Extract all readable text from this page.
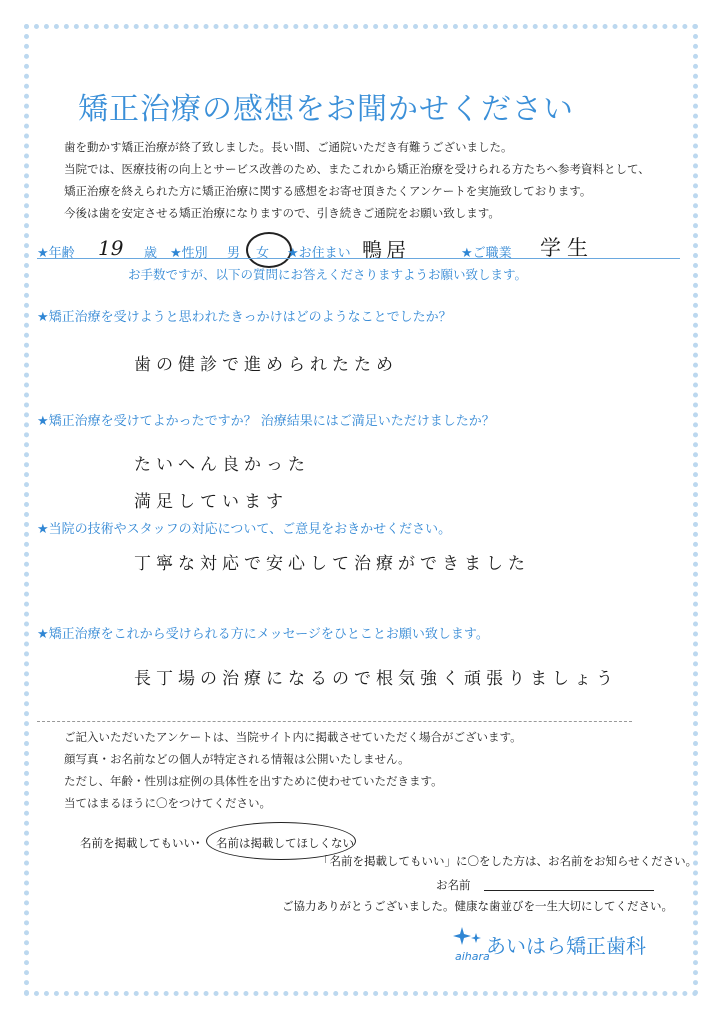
矯正治療の感想をお聞かせください
歯を動かす矯正治療が終了致しました。長い間、ご通院いただき有難うございました。
当院では、医療技術の向上とサービス改善のため、またこれから矯正治療を受けられる方たちへ参考資料として、
矯正治療を終えられた方に矯正治療に関する感想をお寄せ頂きたくアンケートを実施致しております。
今後は歯を安定させる矯正治療になりますので、引き続きご通院をお願い致します。
★年齢 19 歳 ★性別 男 女 ★お住まい 鴨居	★ご職業 学生
お手数ですが、以下の質問にお答えくださりますようお願い致します。
★矯正治療を受けようと思われたきっかけはどのようなことでしたか？
歯の健診で進められたため
★矯正治療を受けてよかったですか？ 治療結果にはご満足いただけましたか？
たいへん良かった
満足しています
★当院の技術やスタッフの対応について、ご意見をおきかせください。
丁寧な対応で安心して治療ができました
★矯正治療をこれから受けられる方にメッセージをひとことお願い致します。
長丁場の治療になるので根気強く頑張りましょう
ご記入いただいたアンケートは、当院サイト内に掲載させていただく場合がございます。
顔写真・お名前などの個人が特定される情報は公開いたしません。
ただし、年齢・性別は症例の具体性を出すために使わせていただきます。
当てはまるほうに〇をつけてください。
名前を掲載してもいい
・ 名前は掲載してほしくない
「名前を掲載してもいい」に〇をした方は、お名前をお知らせください。
お名前
ご協力ありがとうございました。健康な歯並びを一生大切にしてください。
あいはら矯正歯科
aihara
